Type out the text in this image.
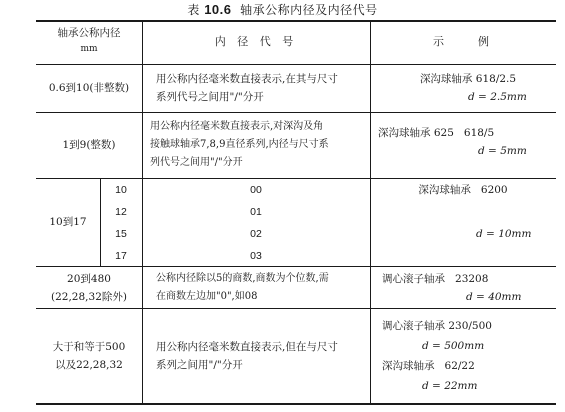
表 10.6 轴承公称内径及内径代号
轴承公称内径
mm
内 径 代 号	示    例
0.6到10(非整数)
用公称内径毫米数直接表示,在其与尺寸
系列代号之间用"/"分开
深沟球轴承 618/2.5
d = 2.5mm
1到9(整数)
用公称内径毫米数直接表示,对深沟及角
接触球轴承7,8,9直径系列,内径与尺寸系
列代号之间用"/"分开
深沟球轴承 625   618/5
d = 5mm
10到17
10
12
15
17
00
01
02
03
深沟球轴承   6200
d = 10mm
20到480
(22,28,32除外)
公称内径除以5的商数,商数为个位数,需
在商数左边加"0",如08
调心滚子轴承   23208
d = 40mm
大于和等于500
以及22,28,32
用公称内径毫米数直接表示,但在与尺寸
系列之间用"/"分开
调心滚子轴承 230/500
d = 500mm
深沟球轴承   62/22
d = 22mm
